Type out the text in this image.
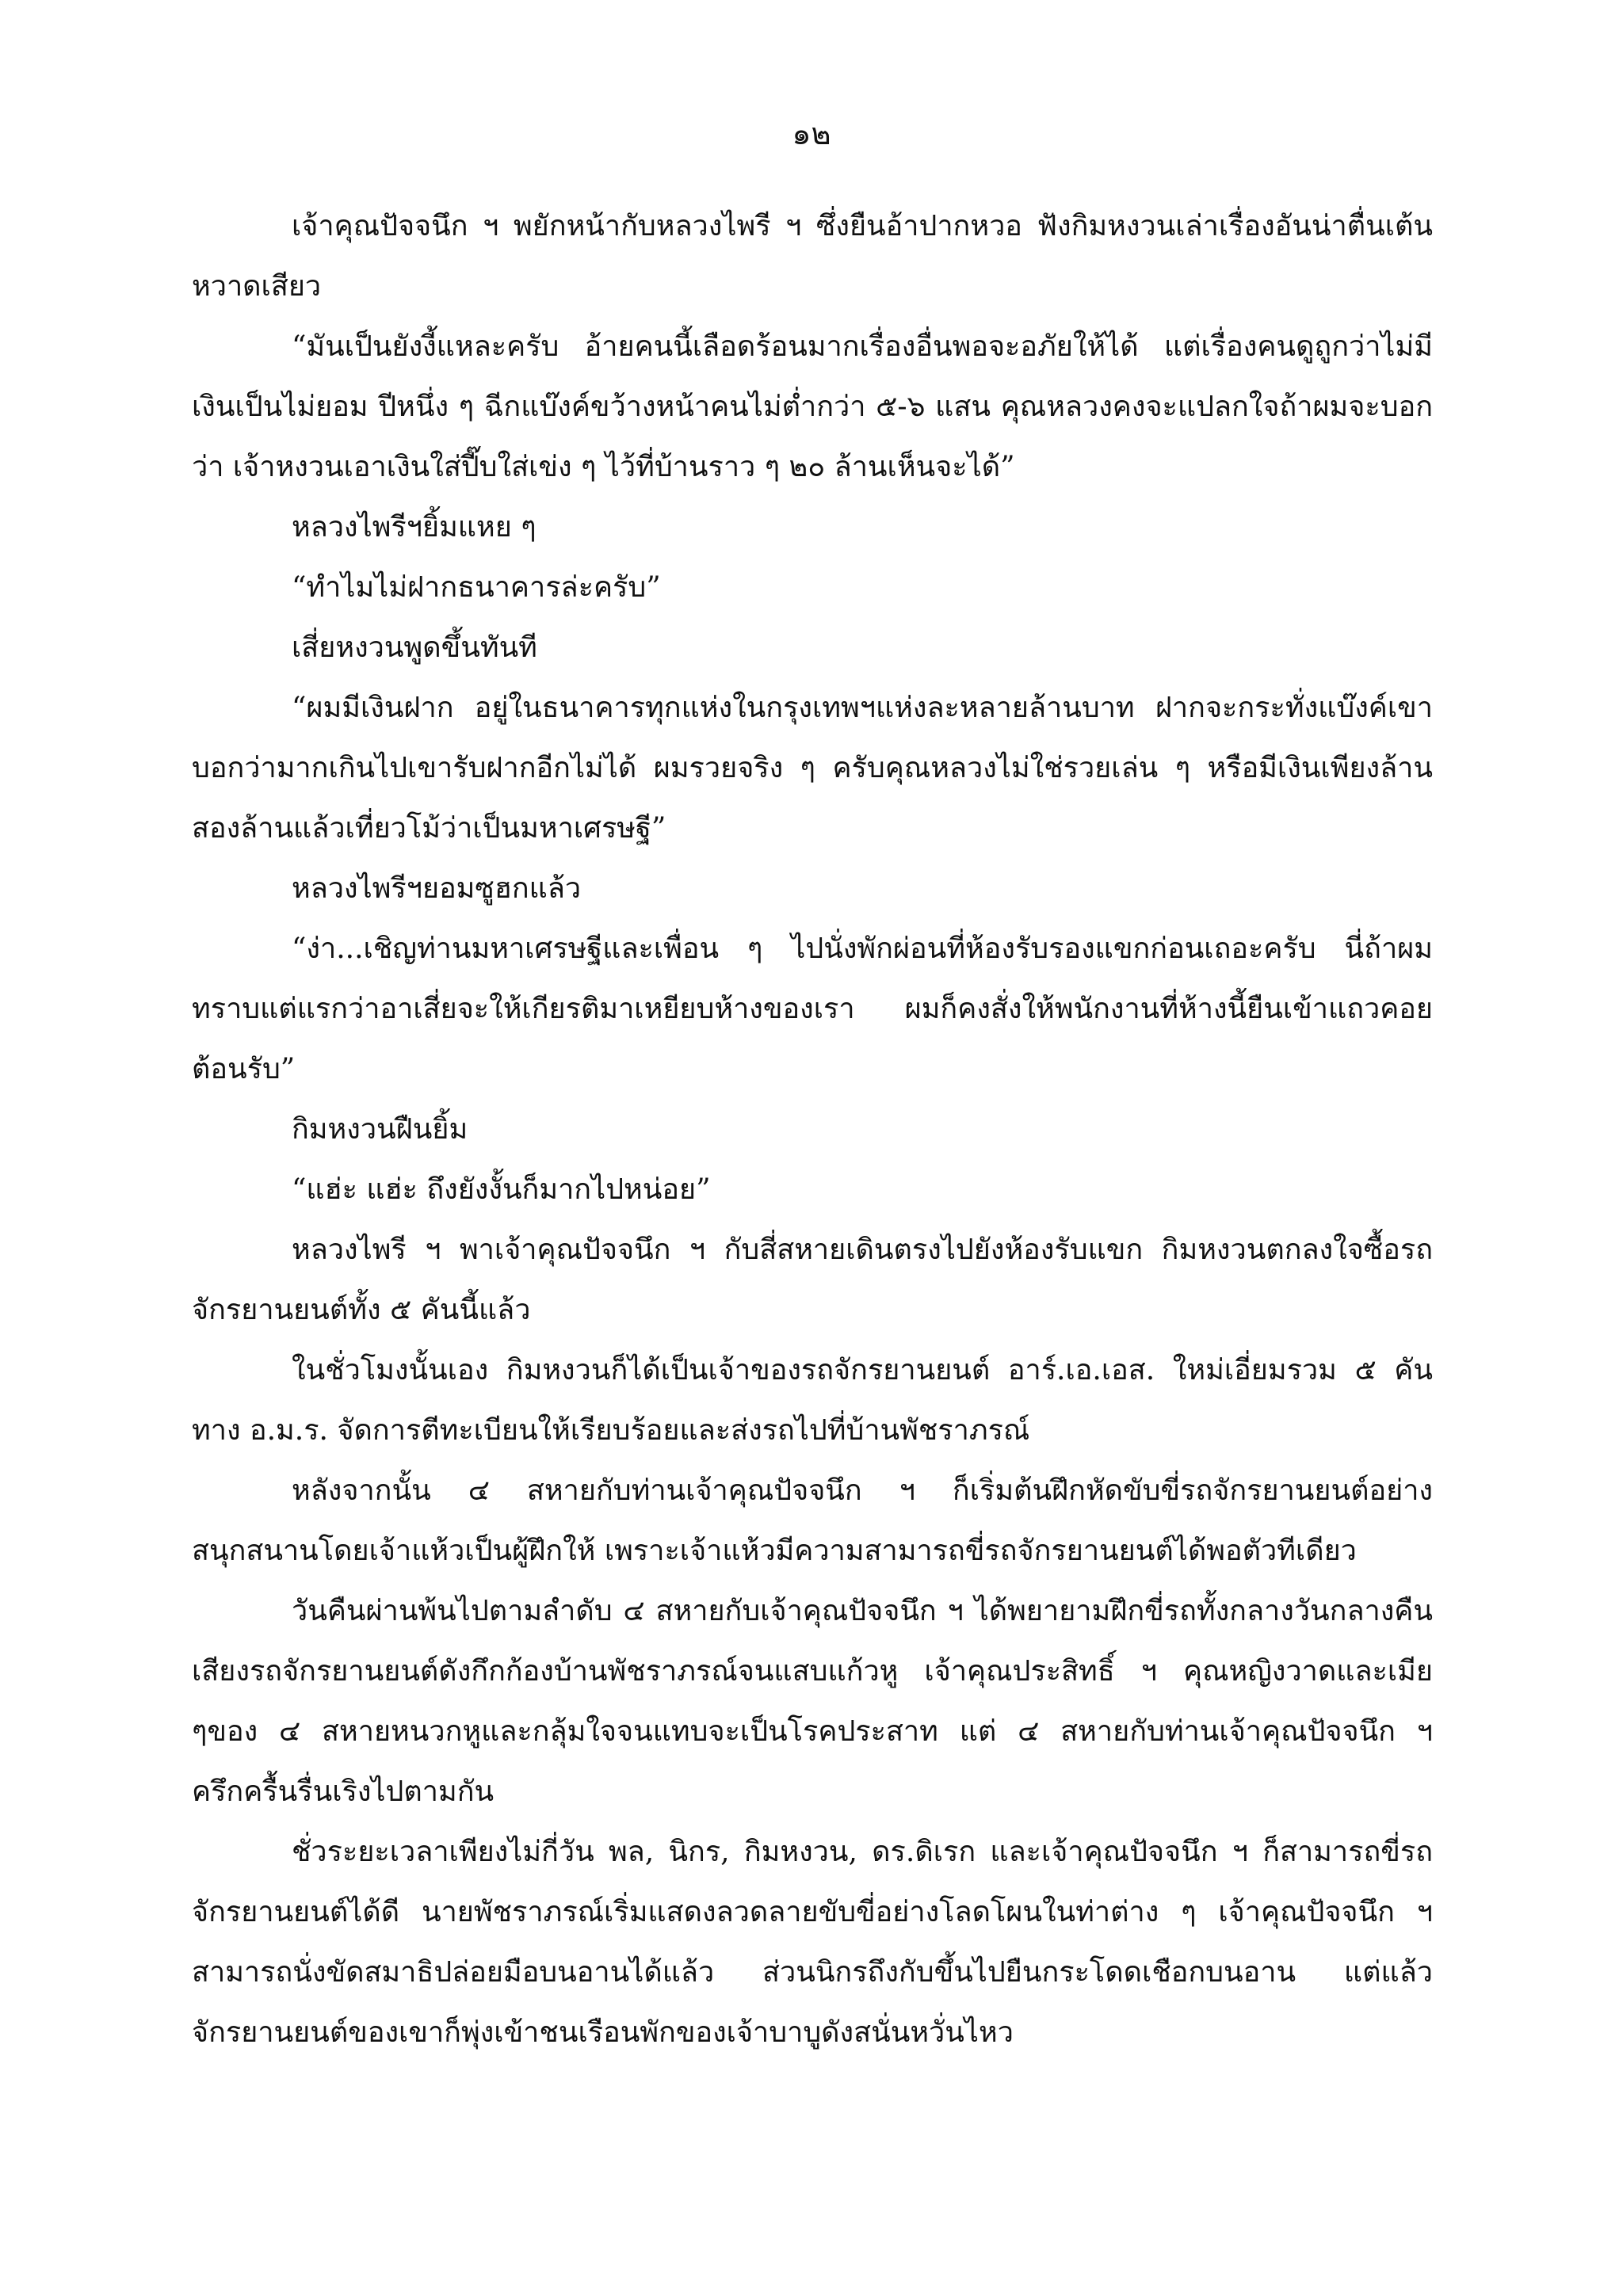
๑๒

เจ้าคุณปัจจนึก ฯ พยักหน้ากับหลวงไพรี ฯ ซึ่งยืนอ้าปากหวอ ฟังกิมหงวนเล่าเรื่องอันน่าตื่นเต้นหวาดเสียว

“มันเป็นยังงี้แหละครับ อ้ายคนนี้เลือดร้อนมากเรื่องอื่นพอจะอภัยให้ได้ แต่เรื่องคนดูถูกว่าไม่มีเงินเป็นไม่ยอม ปีหนึ่ง ๆ ฉีกแบ๊งค์ขว้างหน้าคนไม่ต่ำกว่า ๕-๖ แสน คุณหลวงคงจะแปลกใจถ้าผมจะบอกว่า เจ้าหงวนเอาเงินใส่ปี๊บใส่เข่ง ๆ ไว้ที่บ้านราว ๆ ๒๐ ล้านเห็นจะได้”

หลวงไพรีฯยิ้มแหย ๆ

“ทำไมไม่ฝากธนาคารล่ะครับ”

เสี่ยหงวนพูดขึ้นทันที

“ผมมีเงินฝาก อยู่ในธนาคารทุกแห่งในกรุงเทพฯแห่งละหลายล้านบาท ฝากจะกระทั่งแบ๊งค์เขาบอกว่ามากเกินไปเขารับฝากอีกไม่ได้ ผมรวยจริง ๆ ครับคุณหลวงไม่ใช่รวยเล่น ๆ หรือมีเงินเพียงล้านสองล้านแล้วเที่ยวโม้ว่าเป็นมหาเศรษฐี”

หลวงไพรีฯยอมซูฮกแล้ว

“ง่า...เชิญท่านมหาเศรษฐีและเพื่อน ๆ ไปนั่งพักผ่อนที่ห้องรับรองแขกก่อนเถอะครับ นี่ถ้าผมทราบแต่แรกว่าอาเสี่ยจะให้เกียรติมาเหยียบห้างของเรา ผมก็คงสั่งให้พนักงานที่ห้างนี้ยืนเข้าแถวคอยต้อนรับ”

กิมหงวนฝืนยิ้ม

“แฮ่ะ แฮ่ะ ถึงยังงั้นก็มากไปหน่อย”

หลวงไพรี ฯ พาเจ้าคุณปัจจนึก ฯ กับสี่สหายเดินตรงไปยังห้องรับแขก กิมหงวนตกลงใจซื้อรถจักรยานยนต์ทั้ง ๕ คันนี้แล้ว

ในชั่วโมงนั้นเอง กิมหงวนก็ได้เป็นเจ้าของรถจักรยานยนต์ อาร์.เอ.เอส. ใหม่เอี่ยมรวม ๕ คันทาง อ.ม.ร. จัดการตีทะเบียนให้เรียบร้อยและส่งรถไปที่บ้านพัชราภรณ์

หลังจากนั้น ๔ สหายกับท่านเจ้าคุณปัจจนึก ฯ ก็เริ่มต้นฝึกหัดขับขี่รถจักรยานยนต์อย่างสนุกสนานโดยเจ้าแห้วเป็นผู้ฝึกให้ เพราะเจ้าแห้วมีความสามารถขี่รถจักรยานยนต์ได้พอตัวทีเดียว

วันคืนผ่านพ้นไปตามลำดับ ๔ สหายกับเจ้าคุณปัจจนึก ฯ ได้พยายามฝึกขี่รถทั้งกลางวันกลางคืนเสียงรถจักรยานยนต์ดังกึกก้องบ้านพัชราภรณ์จนแสบแก้วหู เจ้าคุณประสิทธิ์ ฯ คุณหญิงวาดและเมีย ๆของ ๔ สหายหนวกหูและกลุ้มใจจนแทบจะเป็นโรคประสาท แต่ ๔ สหายกับท่านเจ้าคุณปัจจนึก ฯครึกครื้นรื่นเริงไปตามกัน

ชั่วระยะเวลาเพียงไม่กี่วัน พล, นิกร, กิมหงวน, ดร.ดิเรก และเจ้าคุณปัจจนึก ฯ ก็สามารถขี่รถจักรยานยนต์ได้ดี นายพัชราภรณ์เริ่มแสดงลวดลายขับขี่อย่างโลดโผนในท่าต่าง ๆ เจ้าคุณปัจจนึก ฯสามารถนั่งขัดสมาธิปล่อยมือบนอานได้แล้ว ส่วนนิกรถึงกับขึ้นไปยืนกระโดดเชือกบนอาน แต่แล้วจักรยานยนต์ของเขาก็พุ่งเข้าชนเรือนพักของเจ้าบาบูดังสนั่นหวั่นไหว
